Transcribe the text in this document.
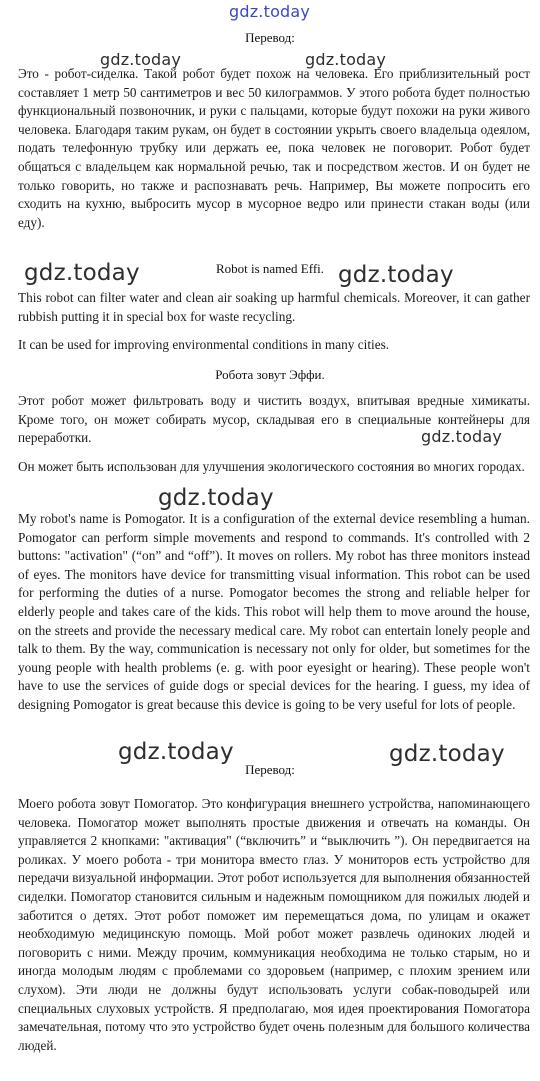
gdz.today
Перевод:
gdz.today	gdz.today
Это - робот-сиделка. Такой робот будет похож на человека. Его приблизительный рост составляет 1 метр 50 сантиметров и вес 50 килограммов. У этого робота будет полностью функциональный позвоночник, и руки с пальцами, которые будут похожи на руки живого человека. Благодаря таким рукам, он будет в состоянии укрыть своего владельца одеялом, подать телефонную трубку или держать ее, пока человек не поговорит. Робот будет общаться с владельцем как нормальной речью, так и посредством жестов. И он будет не только говорить, но также и распознавать речь. Например, Вы можете попросить его сходить на кухню, выбросить мусор в мусорное ведро или принести стакан воды (или еду).
gdz.today	Robot is named Effi. gdz.today
This robot can filter water and clean air soaking up harmful chemicals. Moreover, it can gather rubbish putting it in special box for waste recycling.
It can be used for improving environmental conditions in many cities.
Робота зовут Эффи.
Этот робот может фильтровать воду и чистить воздух, впитывая вредные химикаты. Кроме того, он может собирать мусор, складывая его в специальные контейнеры для переработки.	gdz.today
Он может быть использован для улучшения экологического состояния во многих городах.
gdz.today
My robot's name is Pomogator. It is a configuration of the external device resembling a human. Pomogator can perform simple movements and respond to commands. It's controlled with 2 buttons: "activation" (“on” and “off”). It moves on rollers. My robot has three monitors instead of eyes. The monitors have device for transmitting visual information. This robot can be used for performing the duties of a nurse. Pomogator becomes the strong and reliable helper for elderly people and takes care of the kids. This robot will help them to move around the house, on the streets and provide the necessary medical care. My robot can entertain lonely people and talk to them. By the way, communication is necessary not only for older, but sometimes for the young people with health problems (e. g. with poor eyesight or hearing). These people won't have to use the services of guide dogs or special devices for the hearing. I guess, my idea of designing Pomogator is great because this device is going to be very useful for lots of people.
gdz.today	gdz.today
Перевод:
Моего робота зовут Помогатор. Это конфигурация внешнего устройства, напоминающего человека. Помогатор может выполнять простые движения и отвечать на команды. Он управляется 2 кнопками: "активация" (“включить” и “выключить ”). Он передвигается на роликах. У моего робота - три монитора вместо глаз. У мониторов есть устройство для передачи визуальной информации. Этот робот используется для выполнения обязанностей сиделки. Помогатор становится сильным и надежным помощником для пожилых людей и заботится о детях. Этот робот поможет им перемещаться дома, по улицам и окажет необходимую медицинскую помощь. Мой робот может развлечь одиноких людей и поговорить с ними. Между прочим, коммуникация необходима не только старым, но и иногда молодым людям с проблемами со здоровьем (например, с плохим зрением или слухом). Эти люди не должны будут использовать услуги собак-поводырей или специальных слуховых устройств. Я предполагаю, моя идея проектирования Помогатора замечательная, потому что это устройство будет очень полезным для большого количества людей.
